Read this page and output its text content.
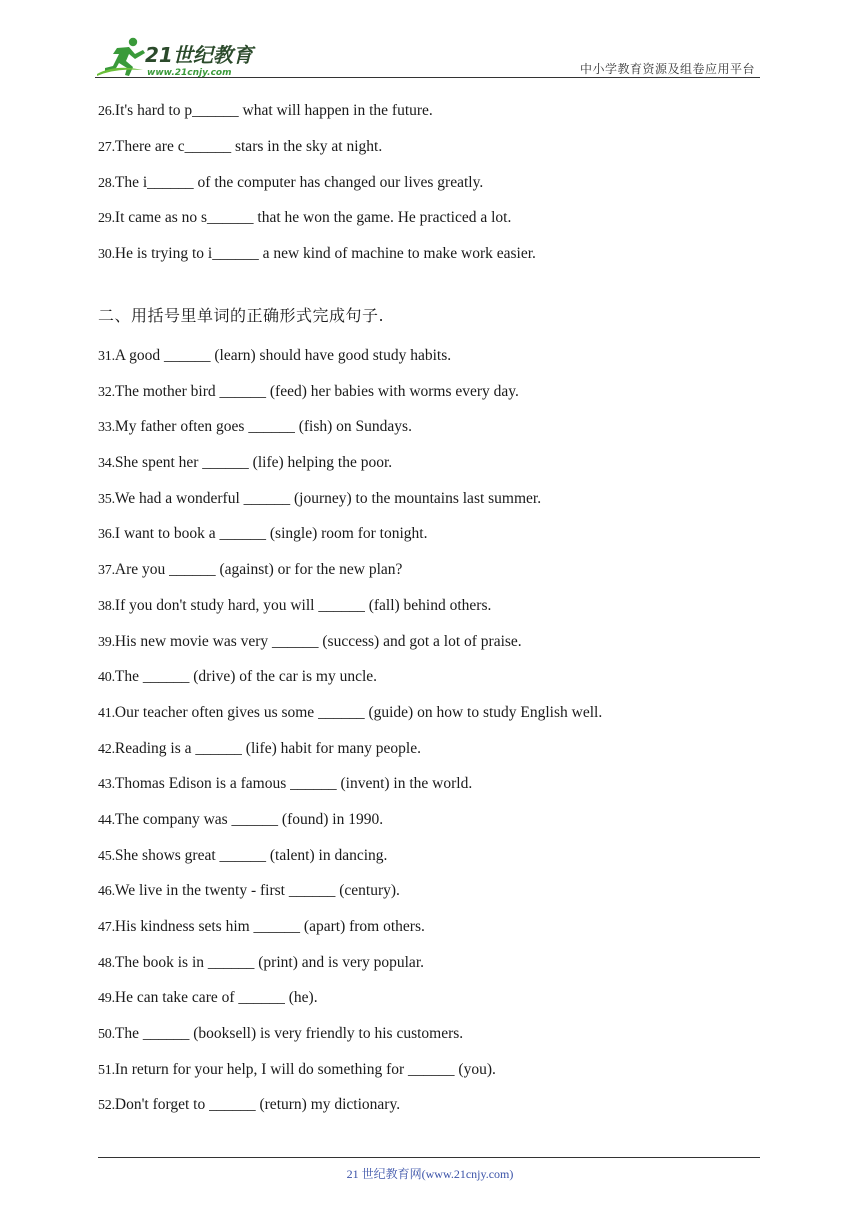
21世纪教育
www.21cnjy.com	中小学教育资源及组卷应用平台
26.It's hard to p______ what will happen in the future.
27.There are c______ stars in the sky at night.
28.The i______ of the computer has changed our lives greatly.
29.It came as no s______ that he won the game. He practiced a lot.
30.He is trying to i______ a new kind of machine to make work easier.
二、用括号里单词的正确形式完成句子.
31.A good ______ (learn) should have good study habits.
32.The mother bird ______ (feed) her babies with worms every day.
33.My father often goes ______ (fish) on Sundays.
34.She spent her ______ (life) helping the poor.
35.We had a wonderful ______ (journey) to the mountains last summer.
36.I want to book a ______ (single) room for tonight.
37.Are you ______ (against) or for the new plan?
38.If you don't study hard, you will ______ (fall) behind others.
39.His new movie was very ______ (success) and got a lot of praise.
40.The ______ (drive) of the car is my uncle.
41.Our teacher often gives us some ______ (guide) on how to study English well.
42.Reading is a ______ (life) habit for many people.
43.Thomas Edison is a famous ______ (invent) in the world.
44.The company was ______ (found) in 1990.
45.She shows great ______ (talent) in dancing.
46.We live in the twenty - first ______ (century).
47.His kindness sets him ______ (apart) from others.
48.The book is in ______ (print) and is very popular.
49.He can take care of ______ (he).
50.The ______ (booksell) is very friendly to his customers.
51.In return for your help, I will do something for ______ (you).
52.Don't forget to ______ (return) my dictionary.
21 世纪教育网(www.21cnjy.com)
